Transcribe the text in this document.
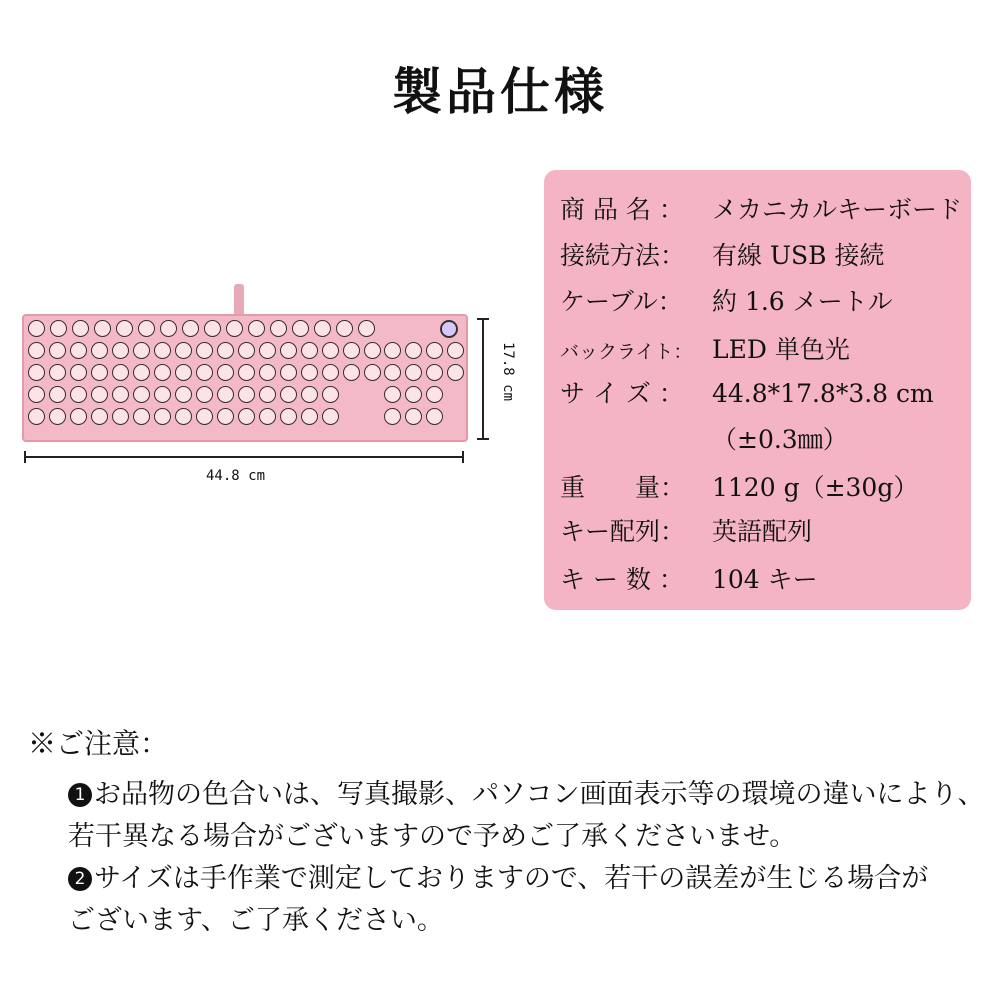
製品仕様
44.8 cm
17.8 cm
商 品 名 ： メカニカルキーボード
接続方法： 有線 USB 接続
ケーブル： 約 1.6 メートル
バックライト： LED 単色光
サ イ ズ ： 44.8*17.8*3.8 cm
（±0.3㎜）
重　　量： 1120 g（±30g）
キー配列： 英語配列
キ ー 数 ： 104 キー
※ご注意：
1 お品物の色合いは、写真撮影、パソコン画面表示等の環境の違いにより、
若干異なる場合がございますので予めご了承くださいませ。
2 サイズは手作業で測定しておりますので、若干の誤差が生じる場合が
ございます、ご了承ください。
